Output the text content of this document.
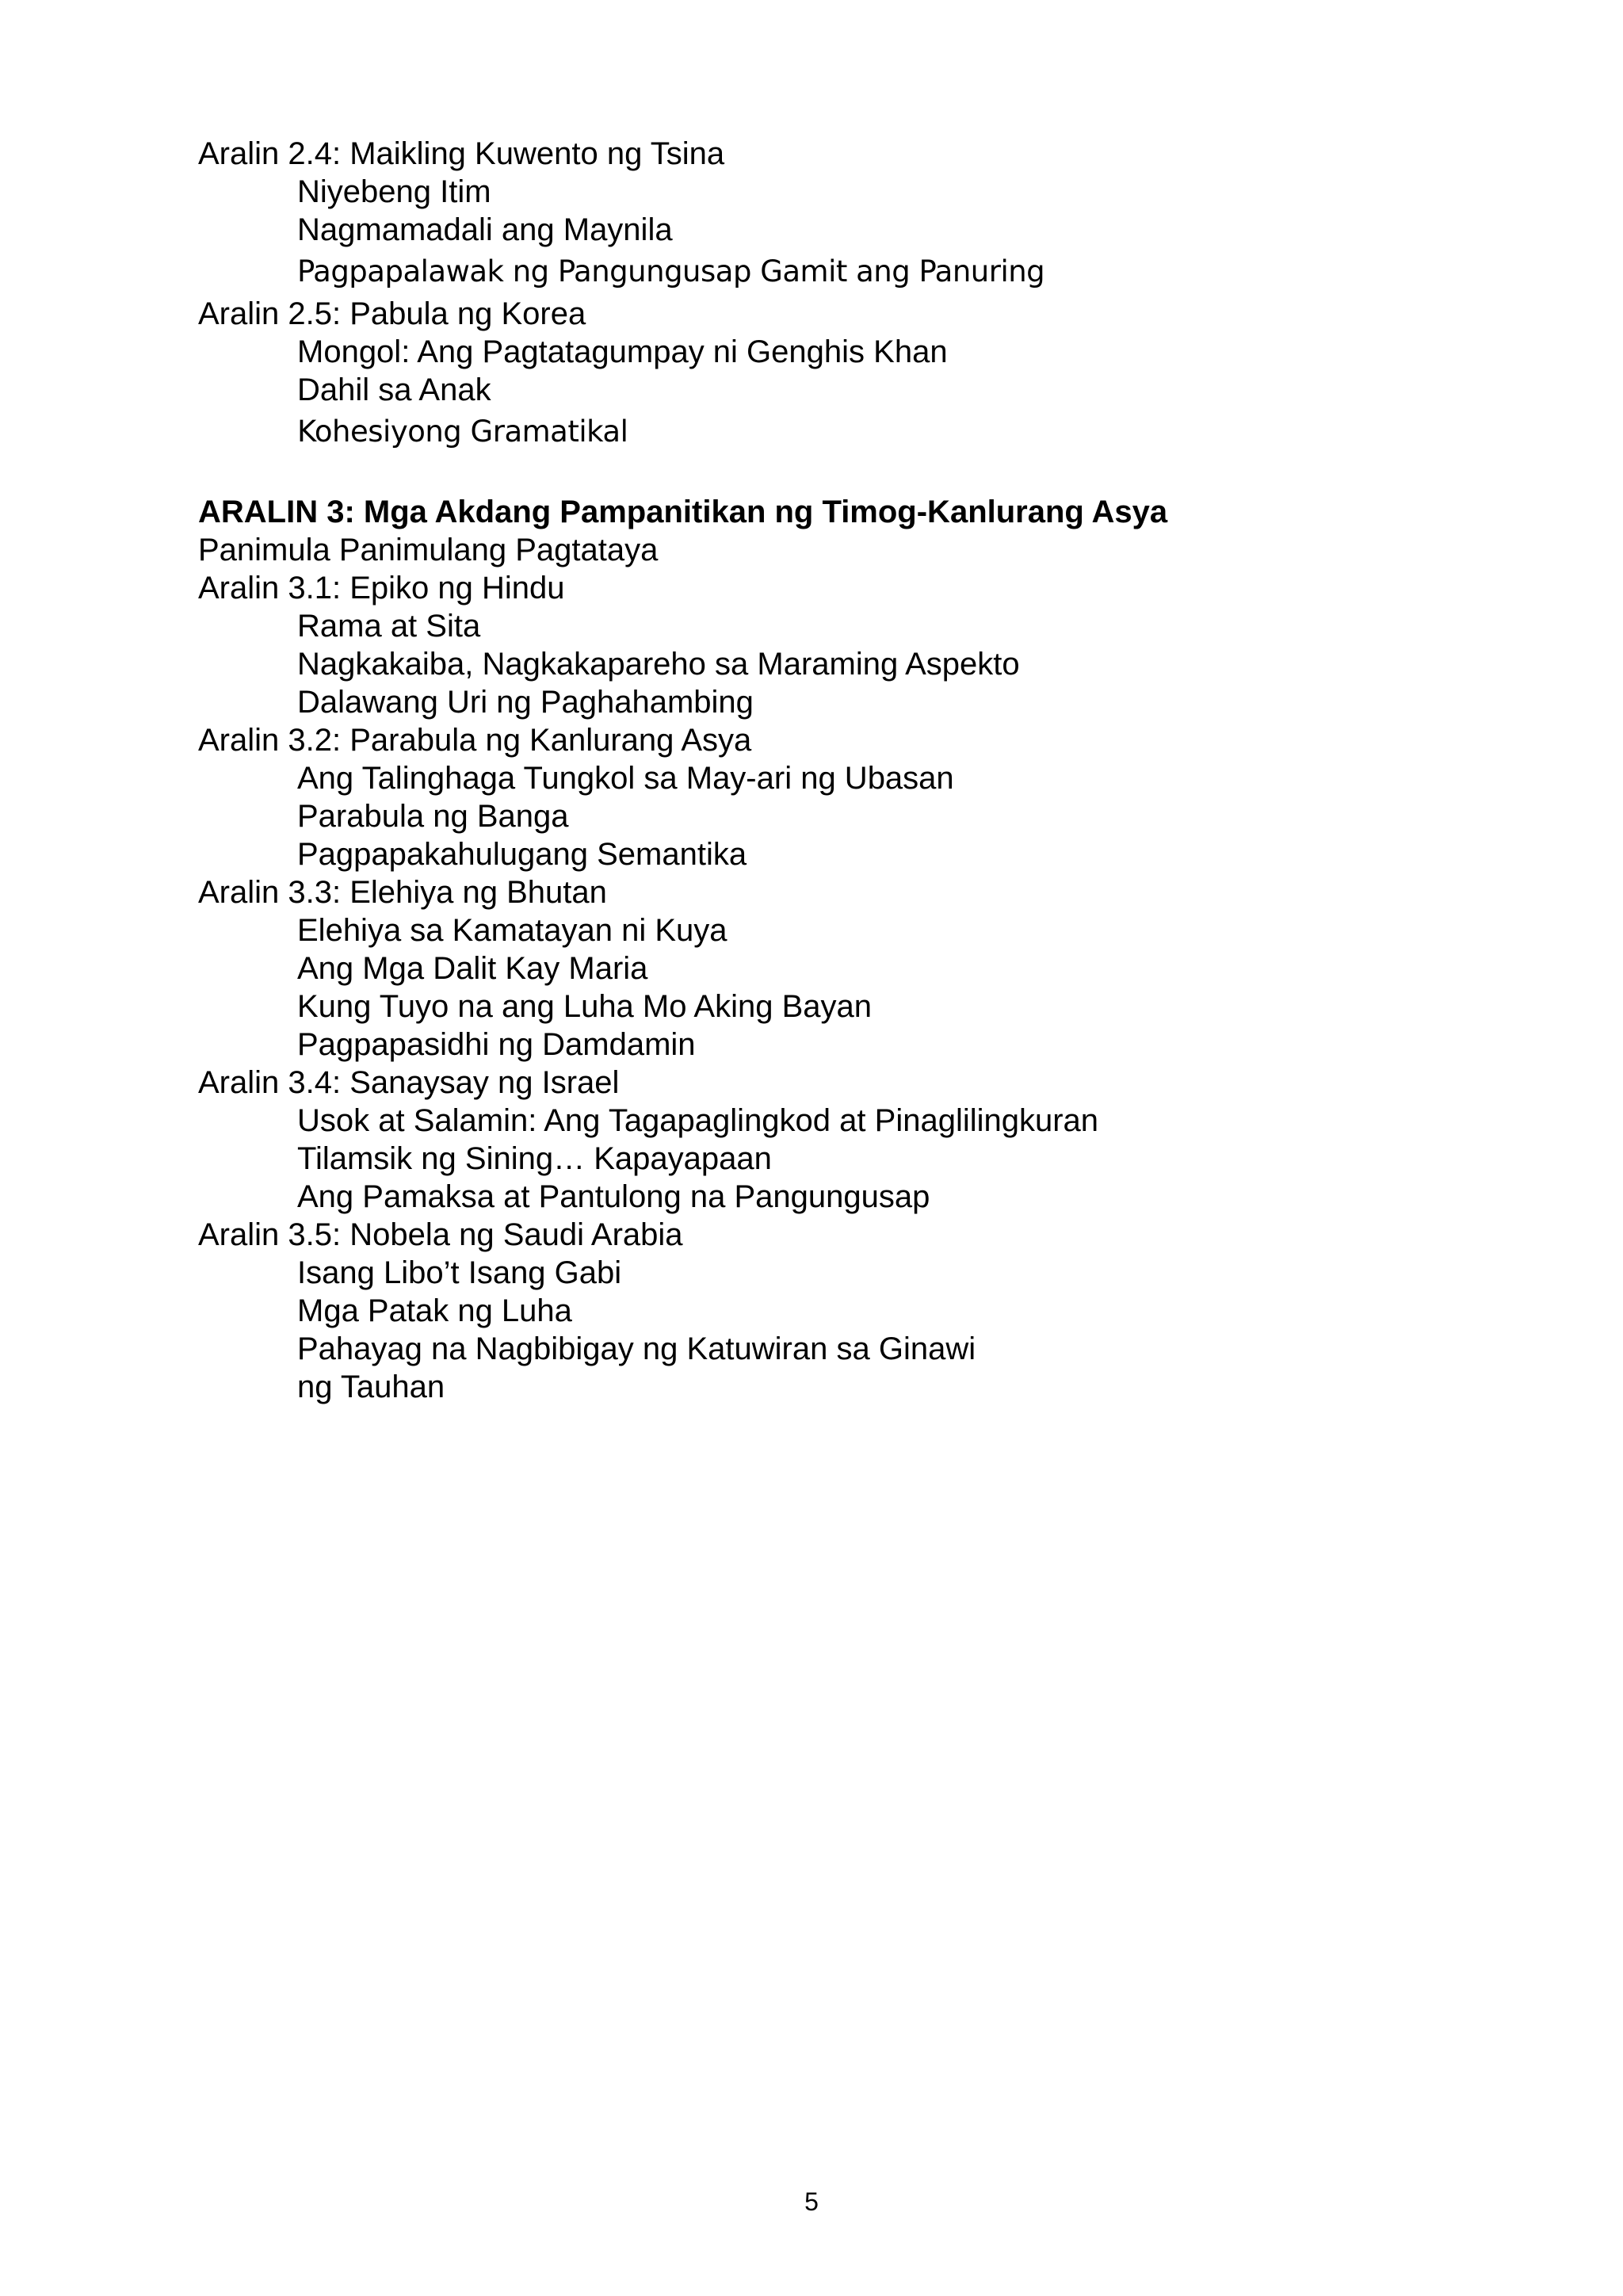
Aralin 2.4: Maikling Kuwento ng Tsina
Niyebeng Itim
Nagmamadali ang Maynila
Pagpapalawak ng Pangungusap Gamit ang Panuring
Aralin 2.5: Pabula ng Korea
Mongol: Ang Pagtatagumpay ni Genghis Khan
Dahil sa Anak
Kohesiyong Gramatikal
ARALIN 3: Mga Akdang Pampanitikan ng Timog-Kanlurang Asya
Panimula Panimulang Pagtataya
Aralin 3.1: Epiko ng Hindu
Rama at Sita
Nagkakaiba, Nagkakapareho sa Maraming Aspekto
Dalawang Uri ng Paghahambing
Aralin 3.2: Parabula ng Kanlurang Asya
Ang Talinghaga Tungkol sa May-ari ng Ubasan
Parabula ng Banga
Pagpapakahulugang Semantika
Aralin 3.3: Elehiya ng Bhutan
Elehiya sa Kamatayan ni Kuya
Ang Mga Dalit Kay Maria
Kung Tuyo na ang Luha Mo Aking Bayan
Pagpapasidhi ng Damdamin
Aralin 3.4: Sanaysay ng Israel
Usok at Salamin: Ang Tagapaglingkod at Pinaglilingkuran
Tilamsik ng Sining… Kapayapaan
Ang Pamaksa at Pantulong na Pangungusap
Aralin 3.5: Nobela ng Saudi Arabia
Isang Libo’t Isang Gabi
Mga Patak ng Luha
Pahayag na Nagbibigay ng Katuwiran sa Ginawi
ng Tauhan
5
